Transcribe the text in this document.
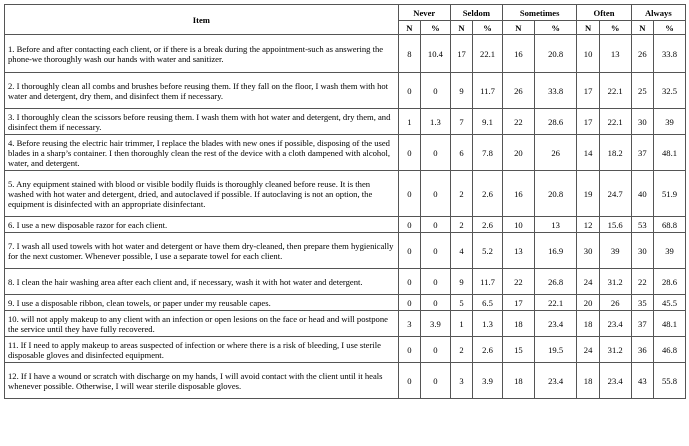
Item	Never		Seldom		Sometimes		Often		Always	
	N	%	N	%	N	%	N	%	N	%
1. Before and after contacting each client, or if there is a break during the appointment-such as answering the phone-we thoroughly wash our hands with water and sanitizer.	8	10.4	17	22.1	16	20.8	10	13	26	33.8
2. I thoroughly clean all combs and brushes before reusing them. If they fall on the floor, I wash them with hot water and detergent, dry them, and disinfect them if necessary.	0	0	9	11.7	26	33.8	17	22.1	25	32.5
3. I thoroughly clean the scissors before reusing them. I wash them with hot water and detergent, dry them, and disinfect them if necessary.	1	1.3	7	9.1	22	28.6	17	22.1	30	39
4. Before reusing the electric hair trimmer, I replace the blades with new ones if possible, disposing of the used blades in a sharp’s container. I then thoroughly clean the rest of the device with a cloth dampened with alcohol, water, and detergent.	0	0	6	7.8	20	26	14	18.2	37	48.1
5. Any equipment stained with blood or visible bodily fluids is thoroughly cleaned before reuse. It is then washed with hot water and detergent, dried, and autoclaved if possible. If autoclaving is not an option, the equipment is disinfected with an appropriate disinfectant.	0	0	2	2.6	16	20.8	19	24.7	40	51.9
6. I use a new disposable razor for each client.	0	0	2	2.6	10	13	12	15.6	53	68.8
7. I wash all used towels with hot water and detergent or have them dry-cleaned, then prepare them hygienically for the next customer. Whenever possible, I use a separate towel for each client.	0	0	4	5.2	13	16.9	30	39	30	39
8. I clean the hair washing area after each client and, if necessary, wash it with hot water and detergent.	0	0	9	11.7	22	26.8	24	31.2	22	28.6
9. I use a disposable ribbon, clean towels, or paper under my reusable capes.	0	0	5	6.5	17	22.1	20	26	35	45.5
10. will not apply makeup to any client with an infection or open lesions on the face or head and will postpone the service until they have fully recovered.	3	3.9	1	1.3	18	23.4	18	23.4	37	48.1
11. If I need to apply makeup to areas suspected of infection or where there is a risk of bleeding, I use sterile disposable gloves and disinfected equipment.	0	0	2	2.6	15	19.5	24	31.2	36	46.8
12. If I have a wound or scratch with discharge on my hands, I will avoid contact with the client until it heals whenever possible. Otherwise, I will wear sterile disposable gloves.	0	0	3	3.9	18	23.4	18	23.4	43	55.8
